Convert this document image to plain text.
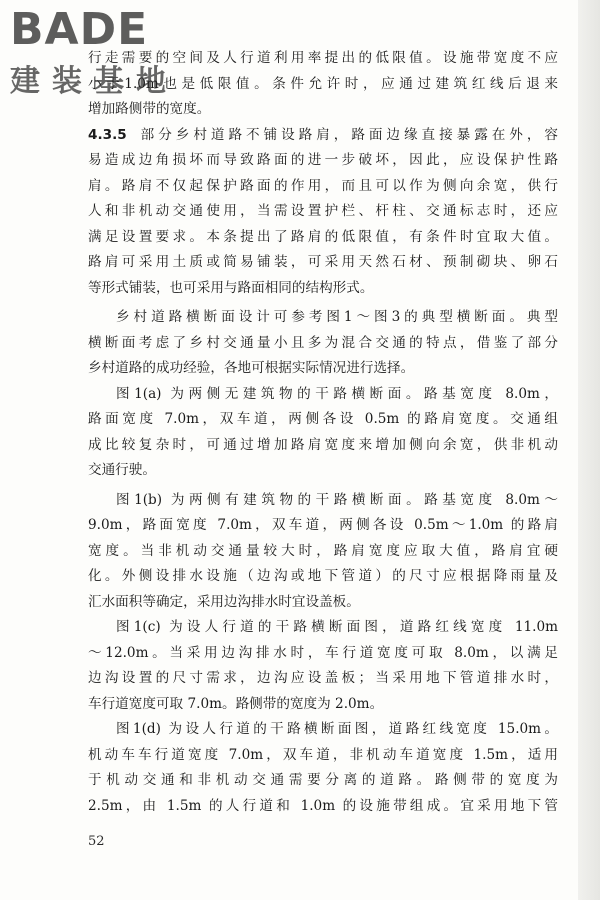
BADE
建装基地
行走需要的空间及人行道利用率提出的低限值。设施带宽度不应
小于1.0m也是低限值。条件允许时，应通过建筑红线后退来
增加路侧带的宽度。
4.3.5 部分乡村道路不铺设路肩，路面边缘直接暴露在外，容
易造成边角损坏而导致路面的进一步破坏，因此，应设保护性路
肩。路肩不仅起保护路面的作用，而且可以作为侧向余宽，供行
人和非机动交通使用，当需设置护栏、杆柱、交通标志时，还应
满足设置要求。本条提出了路肩的低限值，有条件时宜取大值。
路肩可采用土质或简易铺装，可采用天然石材、预制砌块、卵石
等形式铺装，也可采用与路面相同的结构形式。
乡村道路横断面设计可参考图1～图3的典型横断面。典型
横断面考虑了乡村交通量小且多为混合交通的特点，借鉴了部分
乡村道路的成功经验，各地可根据实际情况进行选择。
图1(a) 为两侧无建筑物的干路横断面。路基宽度 8.0m，
路面宽度 7.0m，双车道，两侧各设 0.5m 的路肩宽度。交通组
成比较复杂时，可通过增加路肩宽度来增加侧向余宽，供非机动
交通行驶。
图1(b) 为两侧有建筑物的干路横断面。路基宽度 8.0m～
9.0m，路面宽度 7.0m，双车道，两侧各设 0.5m～1.0m 的路肩
宽度。当非机动交通量较大时，路肩宽度应取大值，路肩宜硬
化。外侧设排水设施（边沟或地下管道）的尺寸应根据降雨量及
汇水面积等确定，采用边沟排水时宜设盖板。
图1(c) 为设人行道的干路横断面图，道路红线宽度 11.0m
～12.0m。当采用边沟排水时，车行道宽度可取 8.0m，以满足
边沟设置的尺寸需求，边沟应设盖板；当采用地下管道排水时，
车行道宽度可取 7.0m。路侧带的宽度为 2.0m。
图1(d) 为设人行道的干路横断面图，道路红线宽度 15.0m。
机动车车行道宽度 7.0m，双车道，非机动车道宽度 1.5m，适用
于机动交通和非机动交通需要分离的道路。路侧带的宽度为
2.5m，由 1.5m 的人行道和 1.0m 的设施带组成。宜采用地下管
52
